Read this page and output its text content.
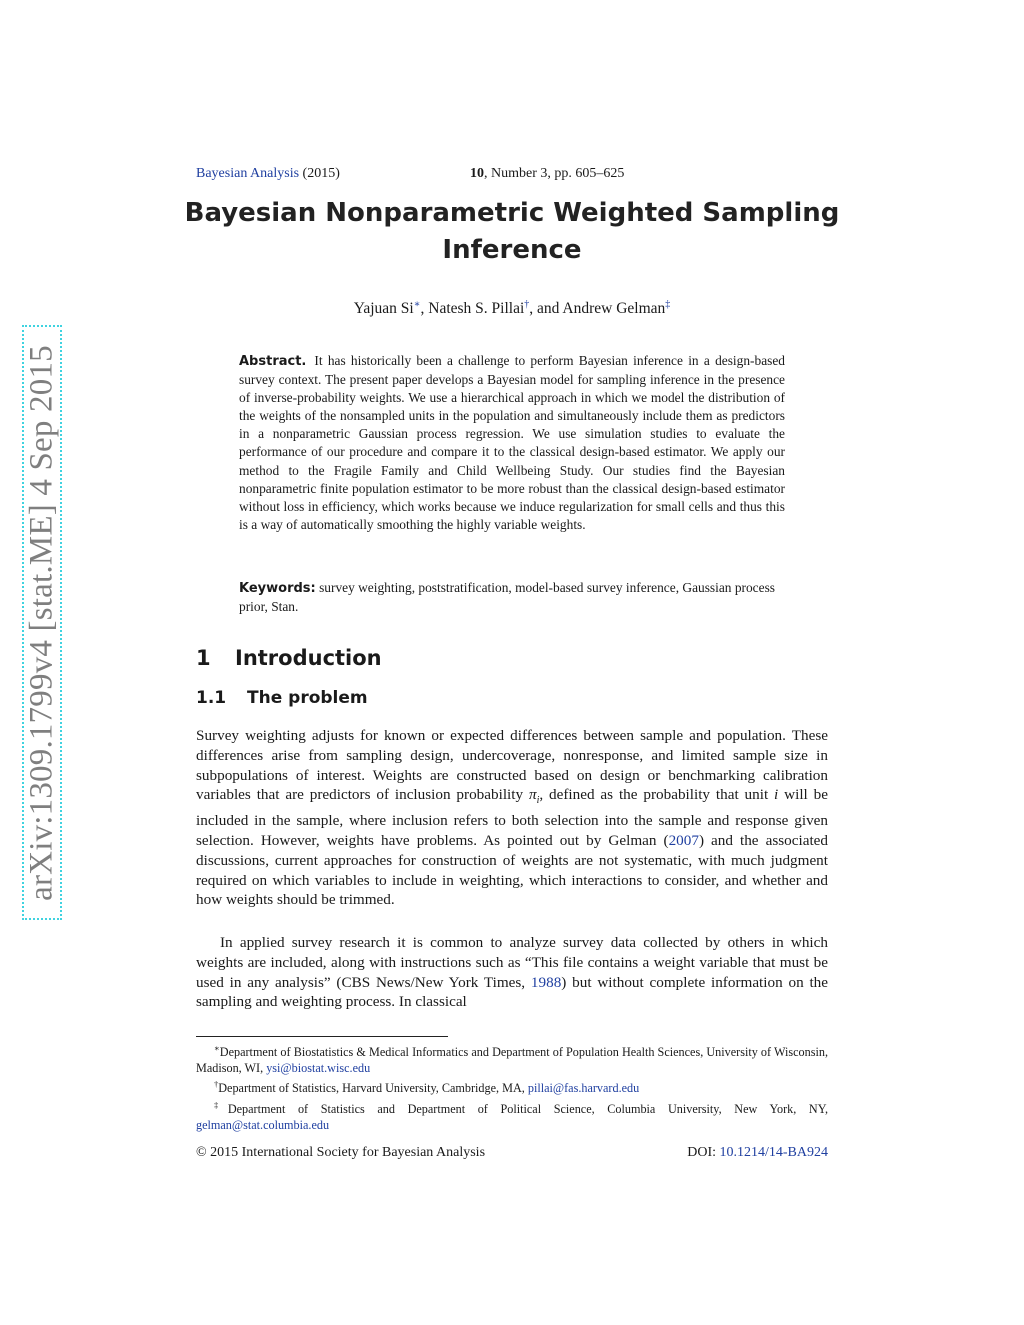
arXiv:1309.1799v4 [stat.ME] 4 Sep 2015
Bayesian Analysis (2015)	10, Number 3, pp. 605–625
Bayesian Nonparametric Weighted Sampling Inference
Yajuan Si∗, Natesh S. Pillai†, and Andrew Gelman‡
Abstract. It has historically been a challenge to perform Bayesian inference in a design-based survey context. The present paper develops a Bayesian model for sampling inference in the presence of inverse-probability weights. We use a hierarchical approach in which we model the distribution of the weights of the nonsampled units in the population and simultaneously include them as predictors in a nonparametric Gaussian process regression. We use simulation studies to evaluate the performance of our procedure and compare it to the classical design-based estimator. We apply our method to the Fragile Family and Child Wellbeing Study. Our studies find the Bayesian nonparametric finite population estimator to be more robust than the classical design-based estimator without loss in efficiency, which works because we induce regularization for small cells and thus this is a way of automatically smoothing the highly variable weights.
Keywords: survey weighting, poststratification, model-based survey inference, Gaussian process prior, Stan.
1 Introduction
1.1 The problem
Survey weighting adjusts for known or expected differences between sample and population. These differences arise from sampling design, undercoverage, nonresponse, and limited sample size in subpopulations of interest. Weights are constructed based on design or benchmarking calibration variables that are predictors of inclusion probability $\pi_i$, defined as the probability that unit i will be included in the sample, where inclusion refers to both selection into the sample and response given selection. However, weights have problems. As pointed out by Gelman (2007) and the associated discussions, current approaches for construction of weights are not systematic, with much judgment required on which variables to include in weighting, which interactions to consider, and whether and how weights should be trimmed.
In applied survey research it is common to analyze survey data collected by others in which weights are included, along with instructions such as “This file contains a weight variable that must be used in any analysis” (CBS News/New York Times, 1988) but without complete information on the sampling and weighting process. In classical

∗Department of Biostatistics & Medical Informatics and Department of Population Health Sciences, University of Wisconsin, Madison, WI, ysi@biostat.wisc.edu

†Department of Statistics, Harvard University, Cambridge, MA, pillai@fas.harvard.edu

‡Department of Statistics and Department of Political Science, Columbia University, New York, NY, gelman@stat.columbia.edu

© 2015 International Society for Bayesian Analysis	DOI: 10.1214/14-BA924
